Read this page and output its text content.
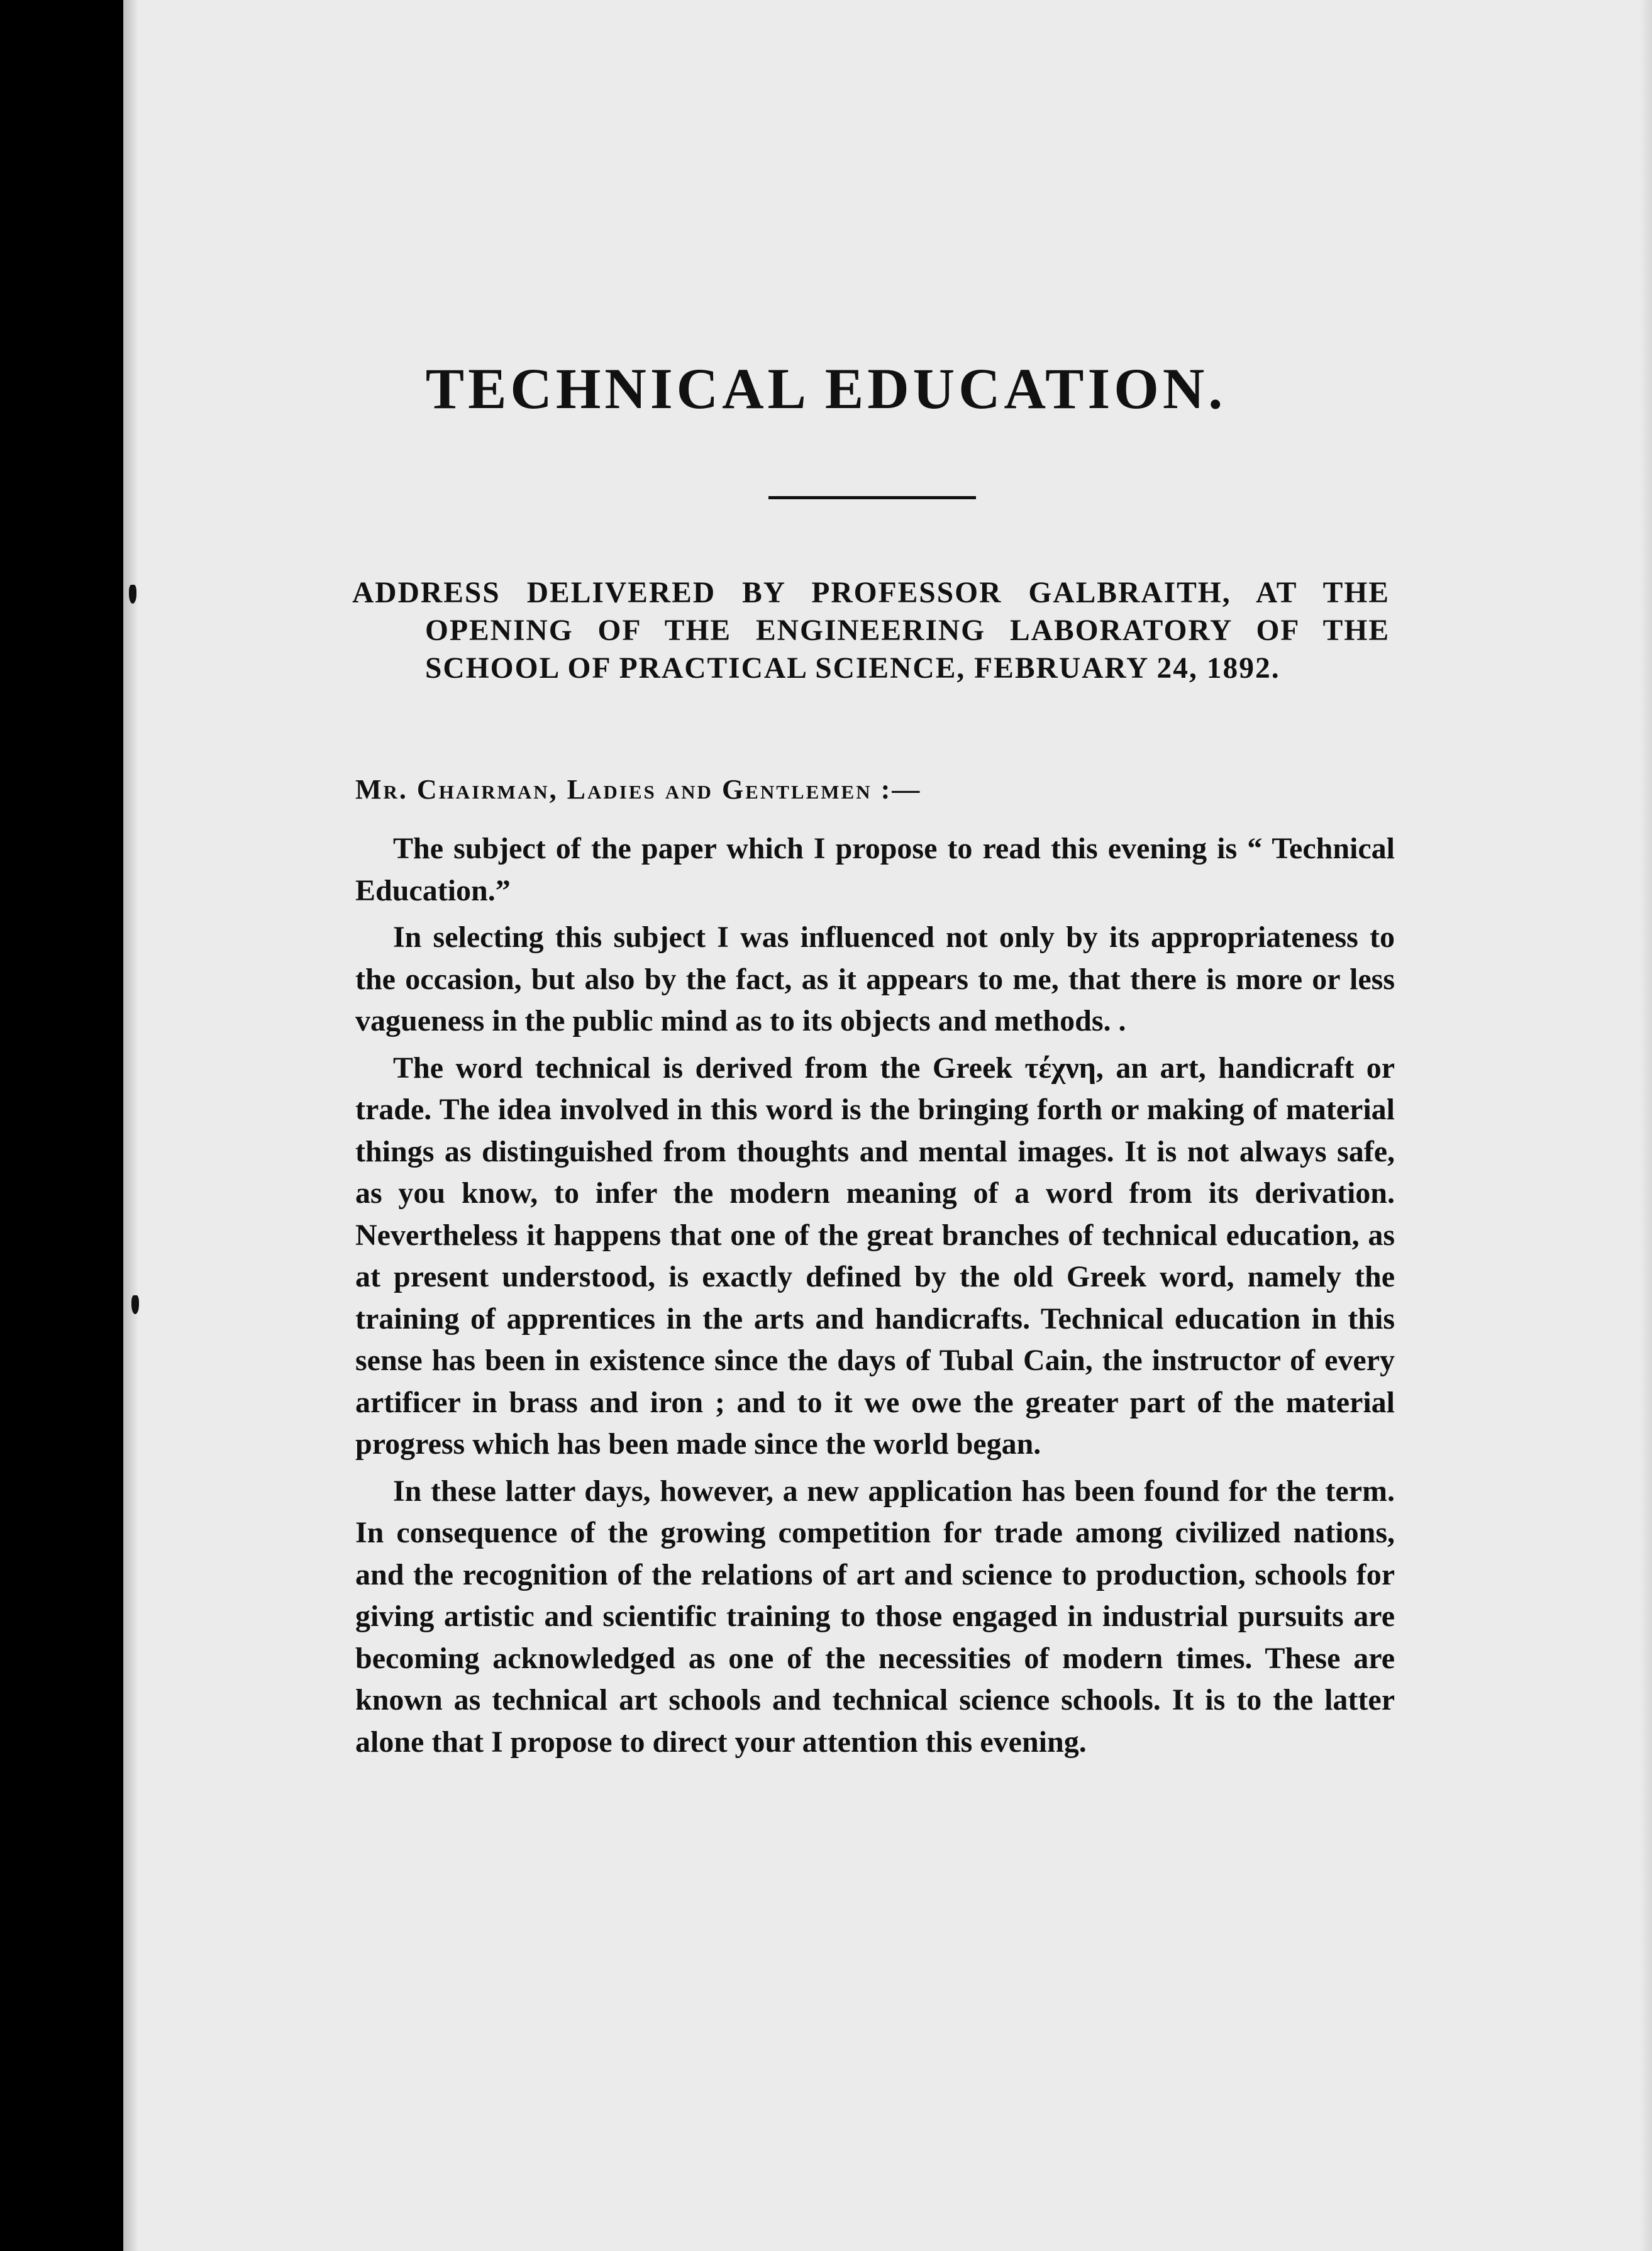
TECHNICAL EDUCATION.

ADDRESS DELIVERED BY PROFESSOR GALBRAITH, AT THE OPENING OF THE ENGINEERING LABORATORY OF THE SCHOOL OF PRACTICAL SCIENCE, FEBRUARY 24, 1892.

Mr. Chairman, Ladies and Gentlemen :—

The subject of the paper which I propose to read this evening is “ Technical Education.”

In selecting this subject I was influenced not only by its appropriateness to the occasion, but also by the fact, as it appears to me, that there is more or less vagueness in the public mind as to its objects and methods. .

The word technical is derived from the Greek τέχνη, an art, handicraft or trade. The idea involved in this word is the bringing forth or making of material things as distinguished from thoughts and mental images. It is not always safe, as you know, to infer the modern meaning of a word from its derivation. Nevertheless it happens that one of the great branches of technical education, as at present understood, is exactly defined by the old Greek word, namely the training of apprentices in the arts and handicrafts. Technical education in this sense has been in existence since the days of Tubal Cain, the instructor of every artificer in brass and iron ; and to it we owe the greater part of the material progress which has been made since the world began.

In these latter days, however, a new application has been found for the term. In consequence of the growing competition for trade among civilized nations, and the recognition of the relations of art and science to production, schools for giving artistic and scientific training to those engaged in industrial pursuits are becoming acknowledged as one of the necessities of modern times. These are known as technical art schools and technical science schools. It is to the latter alone that I propose to direct your attention this evening.
